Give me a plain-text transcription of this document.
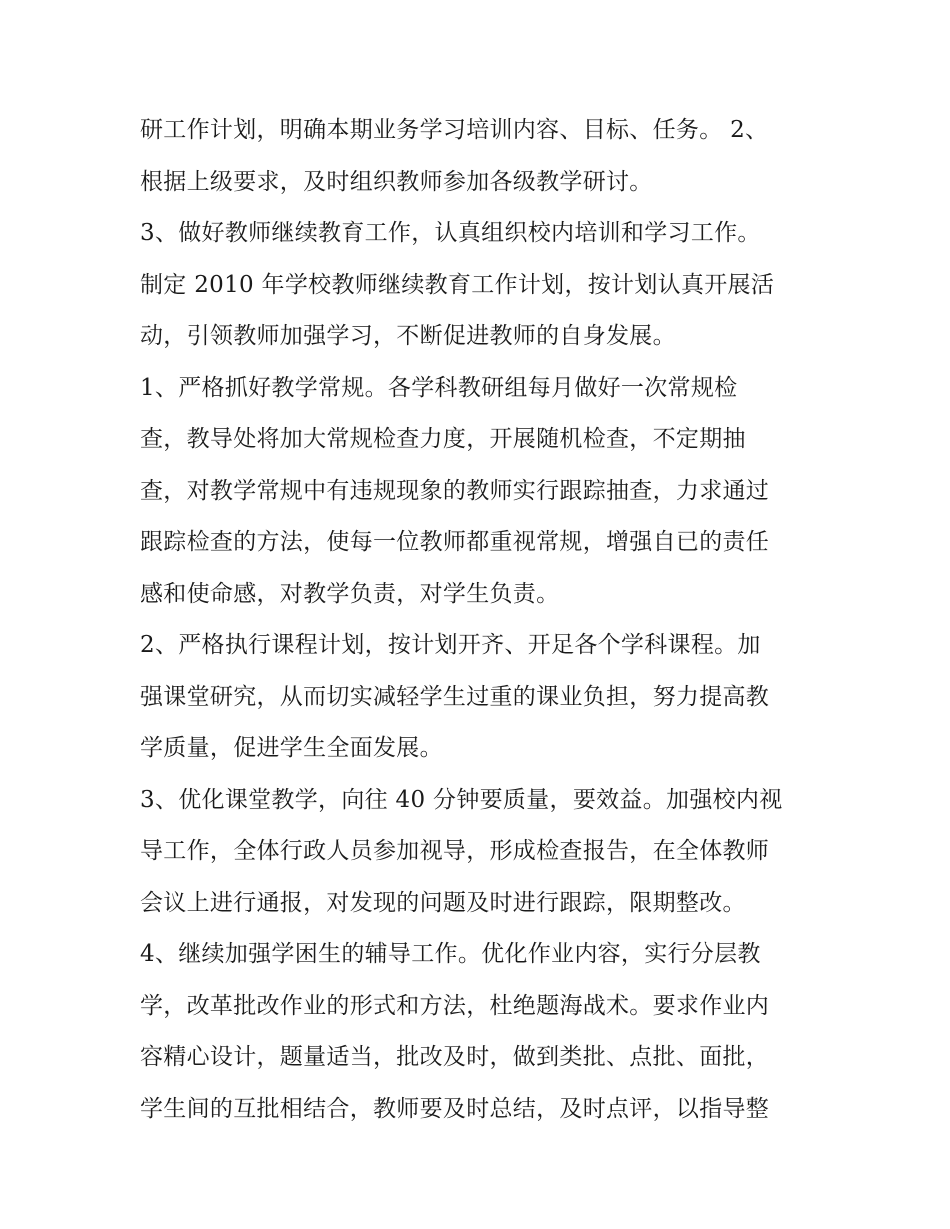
研工作计划，明确本期业务学习培训内容、目标、任务。 2、
根据上级要求，及时组织教师参加各级教学研讨。
3、做好教师继续教育工作，认真组织校内培训和学习工作。
制定 2010 年学校教师继续教育工作计划，按计划认真开展活
动，引领教师加强学习，不断促进教师的自身发展。
1、严格抓好教学常规。各学科教研组每月做好一次常规检
查，教导处将加大常规检查力度，开展随机检查，不定期抽
查，对教学常规中有违规现象的教师实行跟踪抽查，力求通过
跟踪检查的方法，使每一位教师都重视常规，增强自已的责任
感和使命感，对教学负责，对学生负责。
2、严格执行课程计划，按计划开齐、开足各个学科课程。加
强课堂研究，从而切实减轻学生过重的课业负担，努力提高教
学质量，促进学生全面发展。
3、优化课堂教学，向往 40 分钟要质量，要效益。加强校内视
导工作，全体行政人员参加视导，形成检查报告，在全体教师
会议上进行通报，对发现的问题及时进行跟踪，限期整改。
4、继续加强学困生的辅导工作。优化作业内容，实行分层教
学，改革批改作业的形式和方法，杜绝题海战术。要求作业内
容精心设计，题量适当，批改及时，做到类批、点批、面批，
学生间的互批相结合，教师要及时总结，及时点评，以指导整
